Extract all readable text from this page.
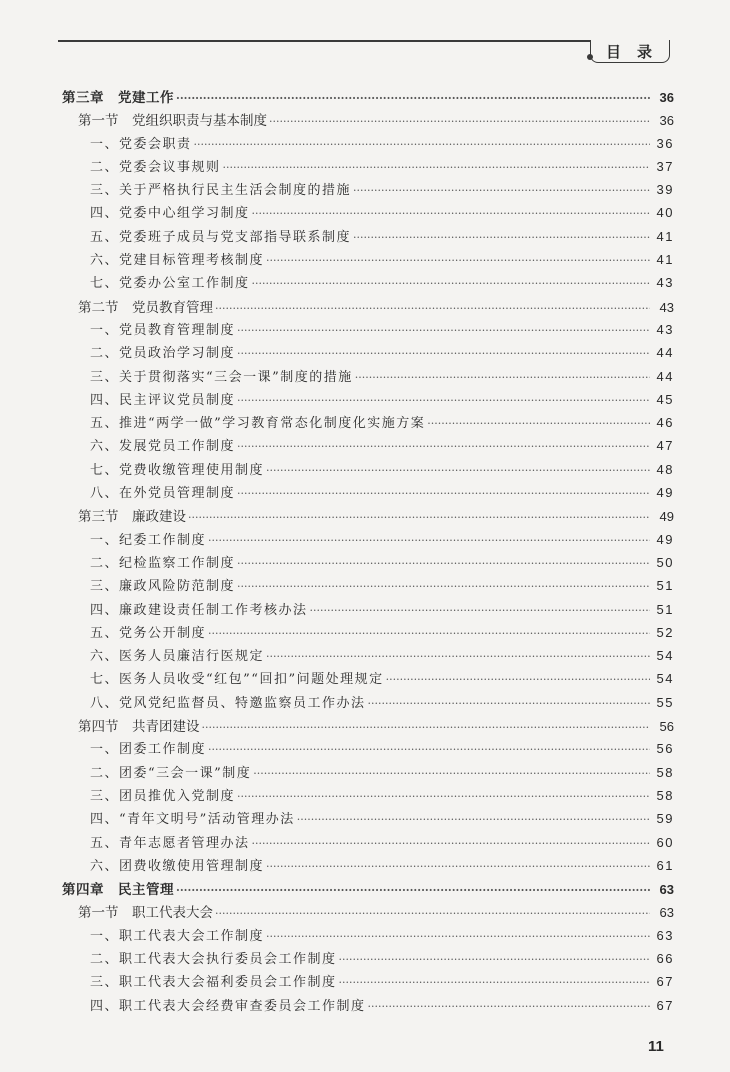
目录
第三章　党建工作 ·····	36
第一节　党组织职责与基本制度 ·····	36
一、党委会职责 ·····	36
二、党委会议事规则 ·····	37
三、关于严格执行民主生活会制度的措施 ·····	39
四、党委中心组学习制度 ·····	40
五、党委班子成员与党支部指导联系制度 ·····	41
六、党建目标管理考核制度 ·····	41
七、党委办公室工作制度 ·····	43
第二节　党员教育管理 ·····	43
一、党员教育管理制度 ·····	43
二、党员政治学习制度 ·····	44
三、关于贯彻落实“三会一课”制度的措施 ·····	44
四、民主评议党员制度 ·····	45
五、推进“两学一做”学习教育常态化制度化实施方案 ·····	46
六、发展党员工作制度 ·····	47
七、党费收缴管理使用制度 ·····	48
八、在外党员管理制度 ·····	49
第三节　廉政建设 ·····	49
一、纪委工作制度 ·····	49
二、纪检监察工作制度 ·····	50
三、廉政风险防范制度 ·····	51
四、廉政建设责任制工作考核办法 ·····	51
五、党务公开制度 ·····	52
六、医务人员廉洁行医规定 ·····	54
七、医务人员收受“红包”“回扣”问题处理规定 ·····	54
八、党风党纪监督员、特邀监察员工作办法 ·····	55
第四节　共青团建设 ·····	56
一、团委工作制度 ·····	56
二、团委“三会一课”制度 ·····	58
三、团员推优入党制度 ·····	58
四、“青年文明号”活动管理办法 ·····	59
五、青年志愿者管理办法 ·····	60
六、团费收缴使用管理制度 ·····	61
第四章　民主管理 ·····	63
第一节　职工代表大会 ·····	63
一、职工代表大会工作制度 ·····	63
二、职工代表大会执行委员会工作制度 ·····	66
三、职工代表大会福利委员会工作制度 ·····	67
四、职工代表大会经费审查委员会工作制度 ·····	67
11
